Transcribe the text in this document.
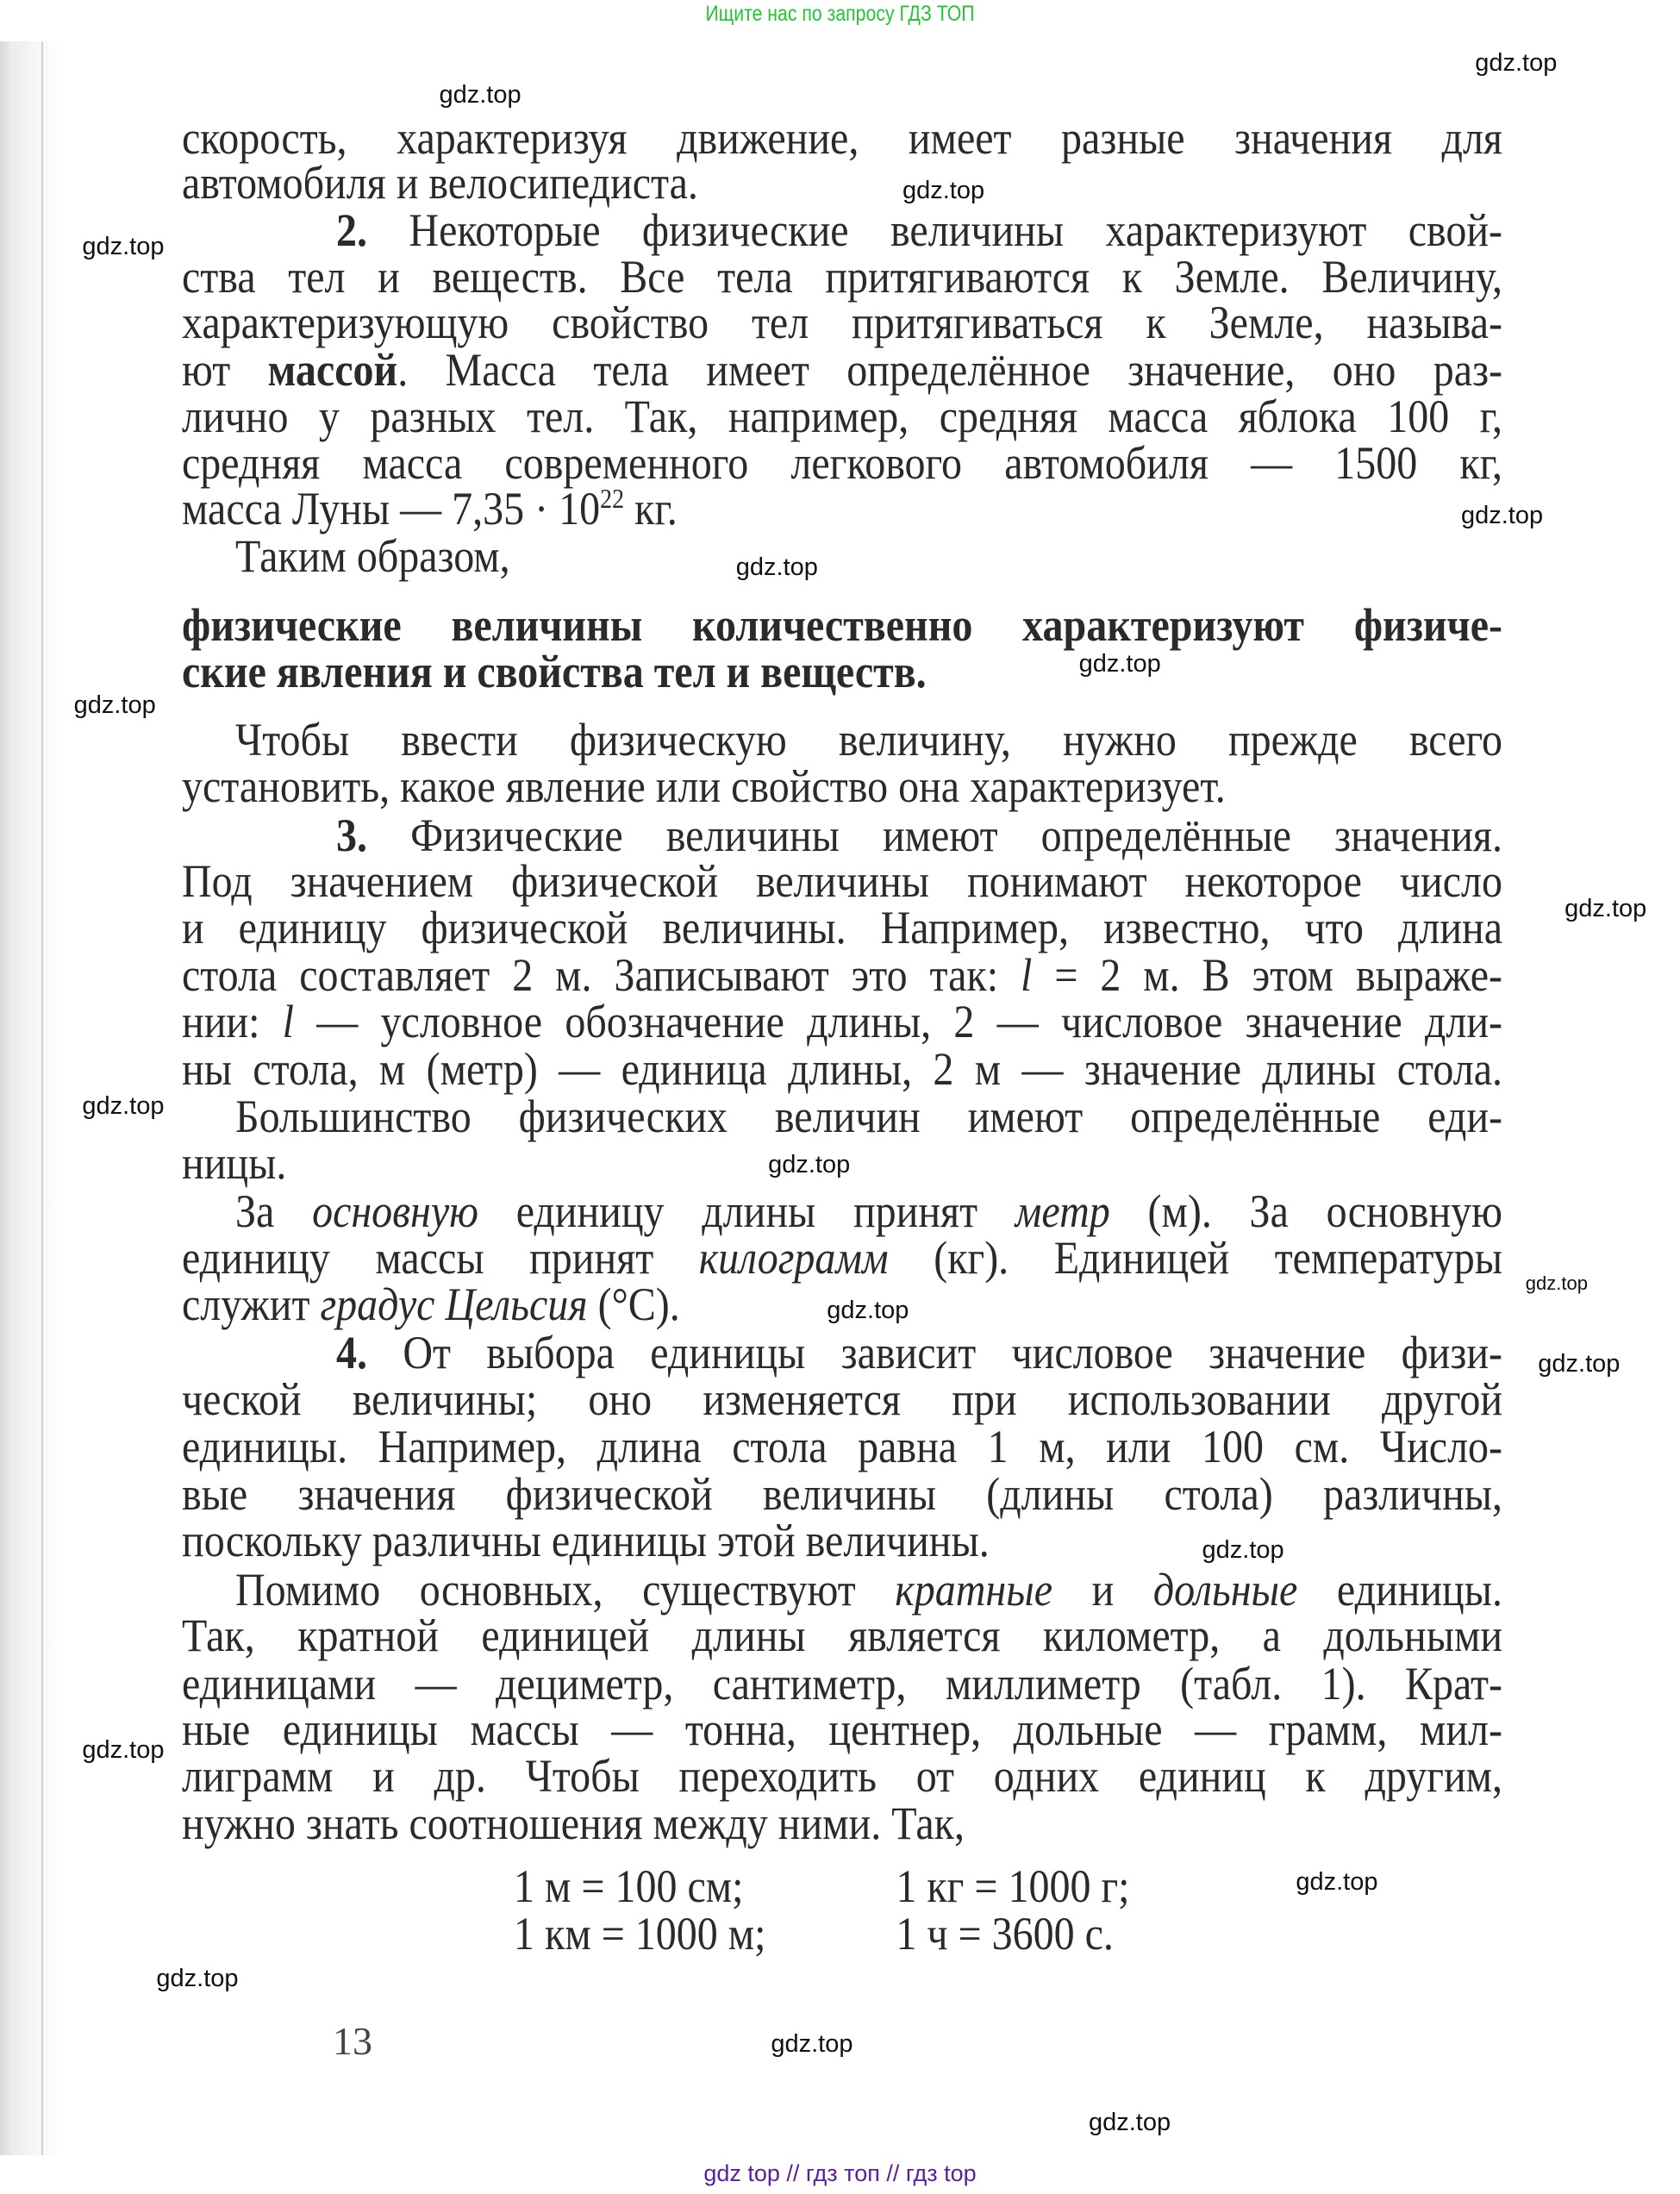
Ищите нас по запросу ГДЗ ТОП
скорость, характеризуя движение, имеет разные значения для
автомобиля и велосипедиста.
2. Некоторые физические величины характеризуют свой-
ства тел и веществ. Все тела притягиваются к Земле. Величину,
характеризующую свойство тел притягиваться к Земле, называ-
ют массой. Масса тела имеет определённое значение, оно раз-
лично у разных тел. Так, например, средняя масса яблока 100 г,
средняя масса современного легкового автомобиля — 1500 кг,
масса Луны — $7,35 \cdot 10^{22}$ кг.
Таким образом,
физические величины количественно характеризуют физиче-
ские явления и свойства тел и веществ.
Чтобы ввести физическую величину, нужно прежде всего
установить, какое явление или свойство она характеризует.
3. Физические величины имеют определённые значения.
Под значением физической величины понимают некоторое число
и единицу физической величины. Например, известно, что длина
стола составляет 2 м. Записывают это так: l = 2 м. В этом выраже-
нии: l — условное обозначение длины, 2 — числовое значение дли-
ны стола, м (метр) — единица длины, 2 м — значение длины стола.
Большинство физических величин имеют определённые еди-
ницы.
За основную единицу длины принят метр (м). За основную
единицу массы принят килограмм (кг). Единицей температуры
служит градус Цельсия (°С).
4. От выбора единицы зависит числовое значение физи-
ческой величины; оно изменяется при использовании другой
единицы. Например, длина стола равна 1 м, или 100 см. Числo-
вые значения физической величины (длины стола) различны,
поскольку различны единицы этой величины.
Помимо основных, существуют кратные и дольные единицы.
Так, кратной единицей длины является километр, а дольными
единицами — дециметр, сантиметр, миллиметр (табл. 1). Крат-
ные единицы массы — тонна, центнер, дольные — грамм, мил-
лиграмм и др. Чтобы переходить от одних единиц к другим,
нужно знать соотношения между ними. Так,
1 м = 100 см;	1 кг = 1000 г;
1 км = 1000 м;	1 ч = 3600 с.
13
gdz.top
gdz.top
gdz.top
gdz.top
gdz.top
gdz.top
gdz.top
gdz.top
gdz.top
gdz.top
gdz.top
gdz.top
gdz.top
gdz.top
gdz.top
gdz.top
gdz.top
gdz.top
gdz.top
gdz.top
gdz top // гдз топ // гдз top
